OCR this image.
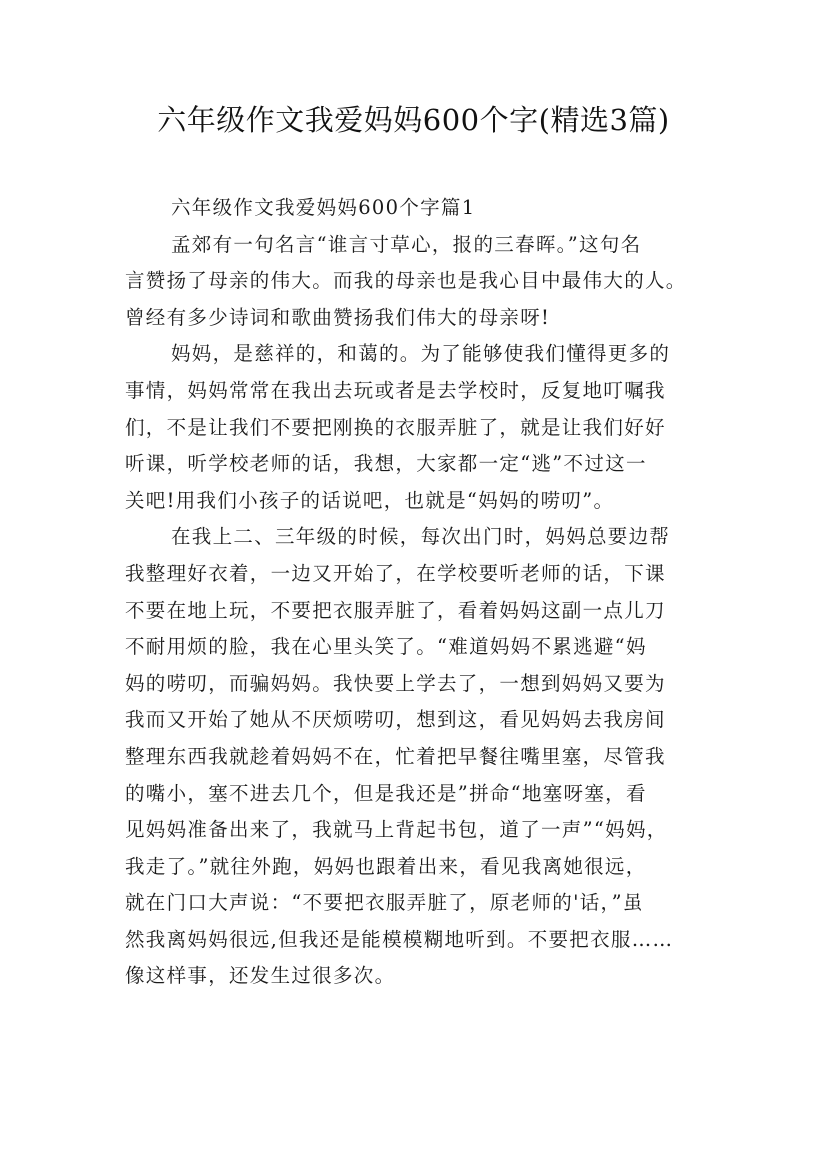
六年级作文我爱妈妈600个字(精选3篇)
六年级作文我爱妈妈600个字篇1
孟郊有一句名言“谁言寸草心，报的三春晖。”这句名
言赞扬了母亲的伟大。而我的母亲也是我心目中最伟大的人。
曾经有多少诗词和歌曲赞扬我们伟大的母亲呀!
妈妈，是慈祥的，和蔼的。为了能够使我们懂得更多的
事情，妈妈常常在我出去玩或者是去学校时，反复地叮嘱我
们，不是让我们不要把刚换的衣服弄脏了，就是让我们好好
听课，听学校老师的话，我想，大家都一定“逃”不过这一
关吧!用我们小孩子的话说吧，也就是“妈妈的唠叨”。
在我上二、三年级的时候，每次出门时，妈妈总要边帮
我整理好衣着，一边又开始了，在学校要听老师的话，下课
不要在地上玩，不要把衣服弄脏了，看着妈妈这副一点儿刀
不耐用烦的脸，我在心里头笑了。“难道妈妈不累逃避“妈
妈的唠叨，而骗妈妈。我快要上学去了，一想到妈妈又要为
我而又开始了她从不厌烦唠叨，想到这，看见妈妈去我房间
整理东西我就趁着妈妈不在，忙着把早餐往嘴里塞，尽管我
的嘴小，塞不进去几个，但是我还是”拼命“地塞呀塞，看
见妈妈准备出来了，我就马上背起书包，道了一声”“妈妈，
我走了。”就往外跑，妈妈也跟着出来，看见我离她很远，
就在门口大声说：“不要把衣服弄脏了，原老师的'话，”虽
然我离妈妈很远,但我还是能模模糊地听到。不要把衣服……
像这样事，还发生过很多次。
